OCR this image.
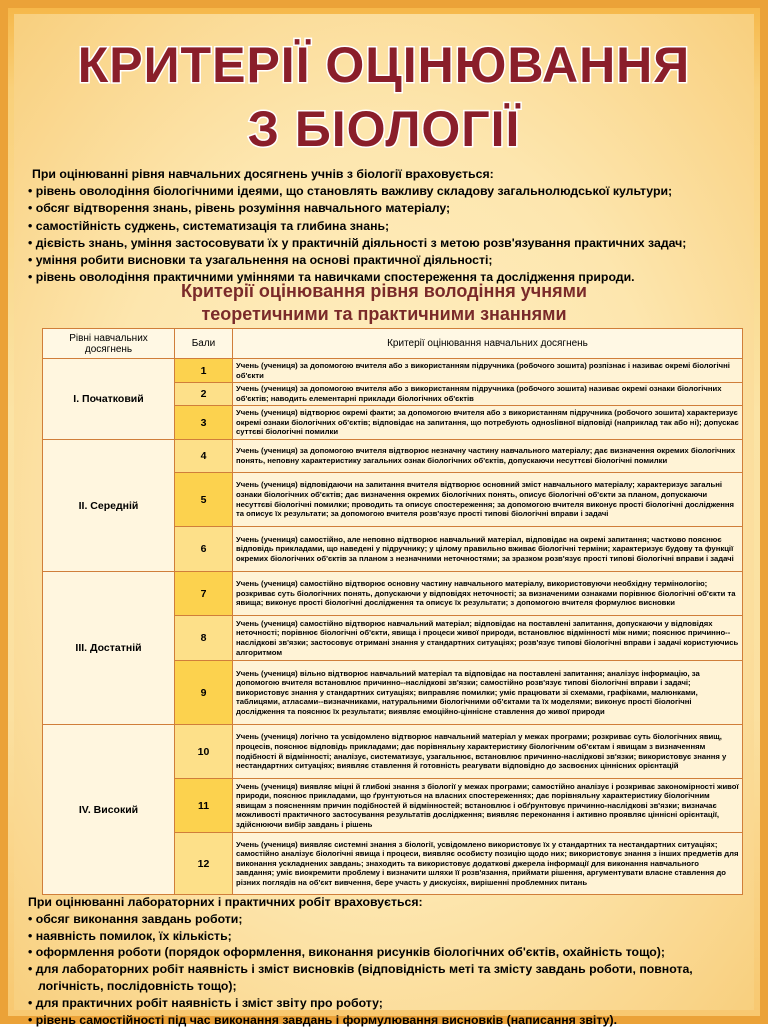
КРИТЕРІЇ ОЦІНЮВАННЯ
З БІОЛОГІЇ
При оцінюванні рівня навчальних досягнень учнів з біології враховується:
• рівень оволодіння біологічними ідеями, що становлять важливу складову загальнолюдської культури;
• обсяг відтворення знань, рівень розуміння навчального матеріалу;
• самостійність суджень, систематизація та глибина знань;
• дієвість знань, уміння застосовувати їх у практичній діяльності з метою розв'язування практичних задач;
• уміння робити висновки та узагальнення на основі практичної діяльності;
• рівень оволодіння практичними уміннями та навичками спостереження та дослідження природи.
Критерії оцінювання рівня володіння учнями
теоретичними та практичними знаннями
Рівні навчальних досягнень	Бали	Критерії оцінювання навчальних досягнень
І. Початковий	1	Учень (учениця) за допомогою вчителя або з використанням підручника (робочого зошита) розпізнає і називає окремі біологічні об'єкти
	2	Учень (учениця) за допомогою вчителя або з використанням підручника (робочого зошита) називає окремі ознаки біологічних об'єктів; наводить елементарні приклади біологічних об'єктів
	3	Учень (учениця) відтворює окремі факти; за допомогою вчителя або з використанням підручника (робочого зошита) характеризує окремі ознаки біологічних об'єктів; відповідає на запитання, що потребують одноslівної відповіді (наприклад так або ні); допускає суттєві біологічні помилки
ІІ. Середній	4	Учень (учениця) за допомогою вчителя відтворює незначну частину навчального матеріалу; дає визначення окремих біологічних понять, неповну характеристику загальних ознак біологічних об'єктів, допускаючи несуттєві біологічні помилки
	5	Учень (учениця) відповідаючи на запитання вчителя відтворює основний зміст навчального матеріалу; характеризує загальні ознаки біологічних об'єктів; дає визначення окремих біологічних понять, описує біологічні об'єкти за планом, допускаючи несуттєві біологічні помилки; проводить та описує спостереження; за допомогою вчителя виконує прості біологічні дослідження та описує їх результати; за допомогою вчителя розв'язує прості типові біологічні вправи і задачі
	6	Учень (учениця) самостійно, але неповно відтворює навчальний матеріал, відповідає на окремі запитання; частково пояснює відповідь прикладами, що наведені у підручнику; у цілому правильно вживає біологічні терміни; характеризує будову та функції окремих біологічних об'єктів за планом з незначними неточностями; за зразком розв'язує прості типові біологічні вправи і задачі
ІІІ. Достатній	7	Учень (учениця) самостійно відтворює основну частину навчального матеріалу, використовуючи необхідну термінологію; розкриває суть біологічних понять, допускаючи у відповідях неточності; за визначеними ознаками порівнює біологічні об'єкти та явища; виконує прості біологічні дослідження та описує їх результати; з допомогою вчителя формулює висновки
	8	Учень (учениця) самостійно відтворює навчальний матеріал; відповідає на поставлені запитання, допускаючи у відповідях неточності; порівнює біологічні об'єкти, явища і процеси живої природи, встановлює відмінності між ними; пояснює причинно--наслідкові зв'язки; застосовує отримані знання у стандартних ситуаціях; розв'язує типові біологічні вправи і задачі користуючись алгоритмом
	9	Учень (учениця) вільно відтворює навчальний матеріал та відповідає на поставлені запитання; аналізує інформацію, за допомогою вчителя встановлює причинно--наслідкові зв'язки; самостійно розв'язує типові біологічні вправи і задачі; використовує знання у стандартних ситуаціях; виправляє помилки; уміє працювати зі схемами, графіками, малюнками, таблицями, атласами--визначниками, натуральними біологічними об'єктами та їх моделями; виконує прості біологічні дослідження та пояснює їх результати; виявляє емоційно-ціннісне ставлення до живої природи
IV. Високий	10	Учень (учениця) логічно та усвідомлено відтворює навчальний матеріал у межах програми; розкриває суть біологічних явищ, процесів, пояснює відповідь прикладами; дає порівняльну характеристику біологічним об'єктам і явищам з визначенням подібності й відмінності; аналізує, систематизує, узагальнює, встановлює причинно-наслідкові зв'язки; використовує знання у нестандартних ситуаціях; виявляє ставлення й готовність реагувати відповідно до засвоєних ціннісних орієнтацій
	11	Учень (учениця) виявляє міцні й глибокі знання з біології у межах програми; самостійно аналізує і розкриває закономірності живої природи, пояснює прикладами, що ґрунтуються на власних спостереженнях; дає порівняльну характеристику біологічним явищам з поясненням причин подібностей й відмінностей; встановлює і обґрунтовує причинно-наслідкові зв'язки; визначає можливості практичного застосування результатів дослідження; виявляє переконання і активно проявляє ціннісні орієнтації, здійснюючи вибір завдань і рішень
	12	Учень (учениця) виявляє системні знання з біології, усвідомлено використовує їх у стандартних та нестандартних ситуаціях; самостійно аналізує біологічні явища і процеси, виявляє особисту позицію щодо них; використовує знання з інших предметів для виконання ускладнених завдань; знаходить та використовує додаткові джерела інформації для виконання навчального завдання; уміє виокремити проблему і визначити шляхи її розв'язання, приймати рішення, аргументувати власне ставлення до різних поглядів на об'єкт вивчення, бере участь у дискусіях, вирішенні проблемних питань
При оцінюванні лабораторних і практичних робіт враховується:
• обсяг виконання завдань роботи;
• наявність помилок, їх кількість;
• оформлення роботи (порядок оформлення, виконання рисунків біологічних об'єктів, охайність тощо);
• для лабораторних робіт наявність і зміст висновків (відповідність меті та змісту завдань роботи, повнота,
логічність, послідовність тощо);
• для практичних робіт наявність і зміст звіту про роботу;
• рівень самостійності під час виконання завдань і формулювання висновків (написання звіту).
